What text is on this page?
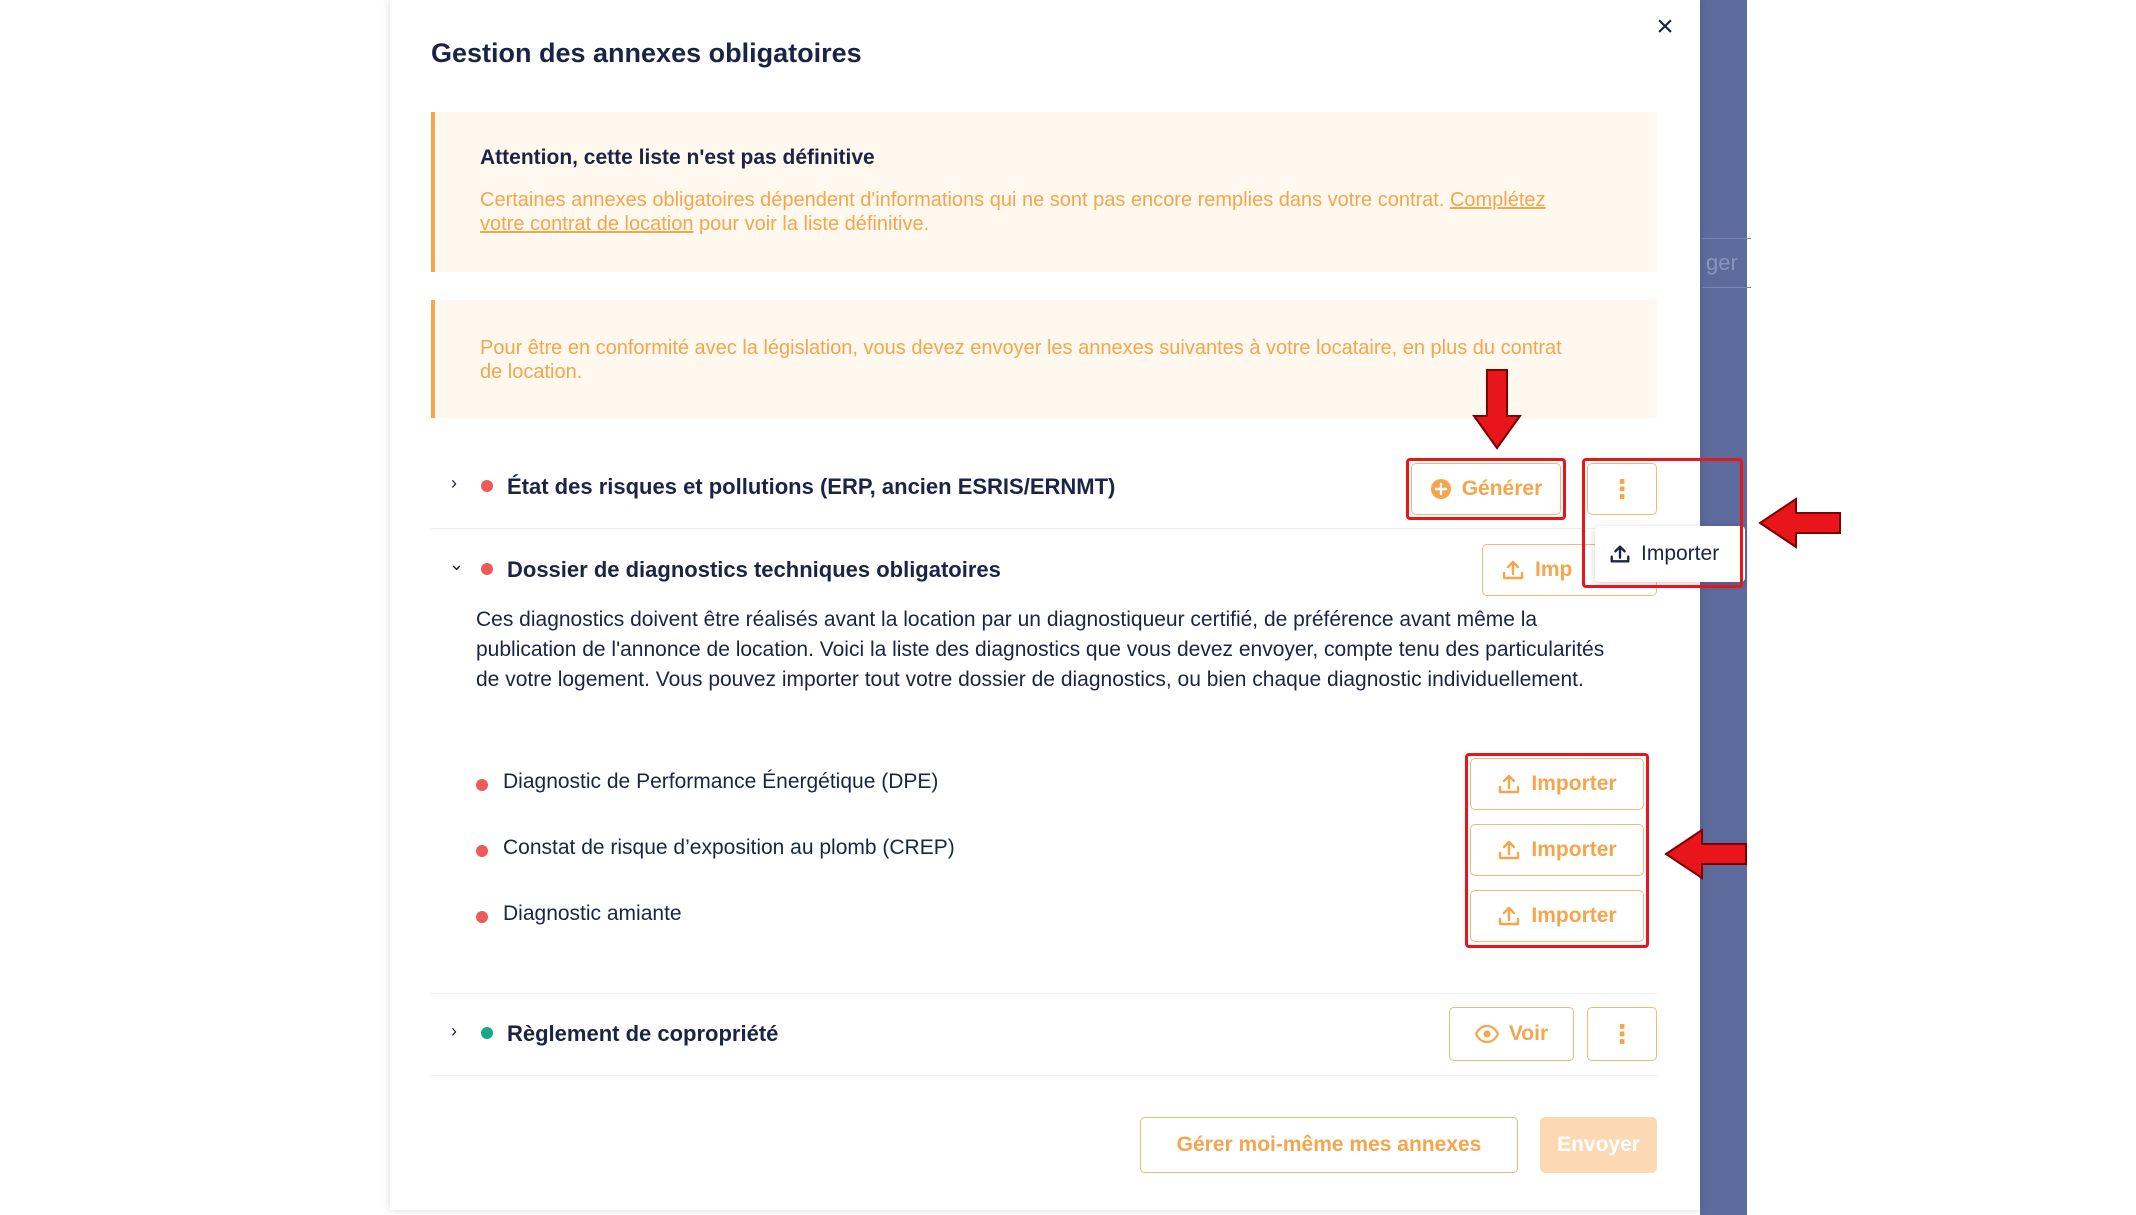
ger
Gestion des annexes obligatoires
×
Attention, cette liste n'est pas définitive
Certaines annexes obligatoires dépendent d'informations qui ne sont pas encore remplies dans votre contrat. Complétez votre contrat de location pour voir la liste définitive.
Pour être en conformité avec la législation, vous devez envoyer les annexes suivantes à votre locataire, en plus du contrat de location.
› État des risques et pollutions (ERP, ancien ESRIS/ERNMT)	Générer	⋮
⌄ Dossier de diagnostics techniques obligatoires	Imp
Ces diagnostics doivent être réalisés avant la location par un diagnostiqueur certifié, de préférence avant même la publication de l'annonce de location. Voici la liste des diagnostics que vous devez envoyer, compte tenu des particularités de votre logement. Vous pouvez importer tout votre dossier de diagnostics, ou bien chaque diagnostic individuellement.
Diagnostic de Performance Énergétique (DPE)	Importer
Constat de risque d’exposition au plomb (CREP)	Importer
Diagnostic amiante	Importer
› Règlement de copropriété	Voir ⋮
Gérer moi-même mes annexes	Envoyer
Importer
